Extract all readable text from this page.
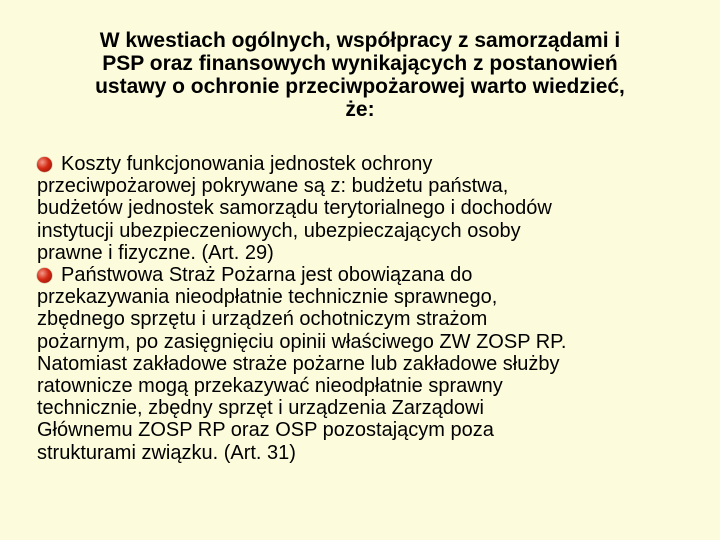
W kwestiach ogólnych, współpracy z samorządami i
PSP oraz finansowych wynikających z postanowień
ustawy o ochronie przeciwpożarowej warto wiedzieć,
że:
Koszty funkcjonowania jednostek ochrony
przeciwpożarowej pokrywane są z: budżetu państwa,
budżetów jednostek samorządu terytorialnego i dochodów
instytucji ubezpieczeniowych, ubezpieczających osoby
prawne i fizyczne. (Art. 29)
Państwowa Straż Pożarna jest obowiązana do
przekazywania nieodpłatnie technicznie sprawnego,
zbędnego sprzętu i urządzeń ochotniczym strażom
pożarnym, po zasięgnięciu opinii właściwego ZW ZOSP RP.
Natomiast zakładowe straże pożarne lub zakładowe służby
ratownicze mogą przekazywać nieodpłatnie sprawny
technicznie, zbędny sprzęt i urządzenia Zarządowi
Głównemu ZOSP RP oraz OSP pozostającym poza
strukturami związku. (Art. 31)
